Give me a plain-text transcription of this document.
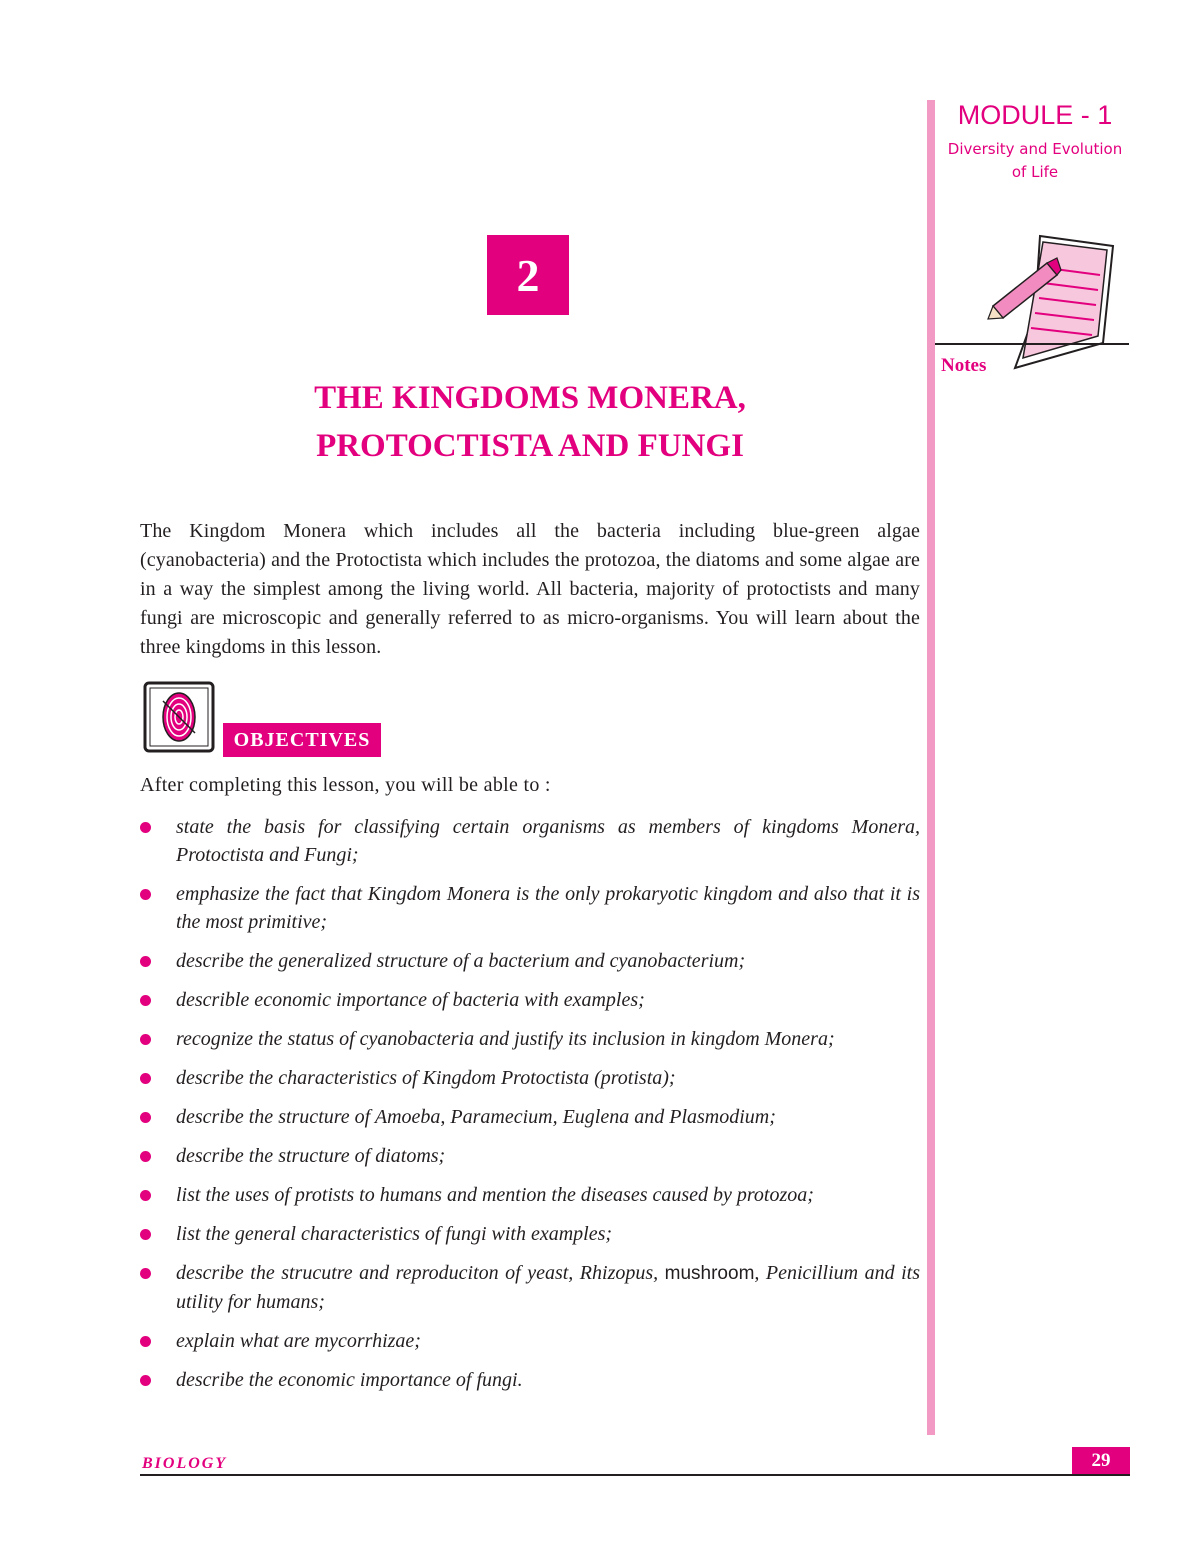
MODULE - 1
Diversity and Evolution
of Life
Notes
2
THE KINGDOMS MONERA,
PROTOCTISTA AND FUNGI

The Kingdom Monera which includes all the bacteria including blue-green algae (cyanobacteria) and the Protoctista which includes the protozoa, the diatoms and some algae are in a way the simplest among the living world. All bacteria, majority of protoctists and many fungi are microscopic and generally referred to as micro-organisms. You will learn about the three kingdoms in this lesson.

OBJECTIVES
After completing this lesson, you will be able to :
state the basis for classifying certain organisms as members of kingdoms Monera, Protoctista and Fungi;
emphasize the fact that Kingdom Monera is the only prokaryotic kingdom and also that it is the most primitive;
describe the generalized structure of a bacterium and cyanobacterium;
describle economic importance of bacteria with examples;
recognize the status of cyanobacteria and justify its inclusion in kingdom Monera;
describe the characteristics of Kingdom Protoctista (protista);
describe the structure of Amoeba, Paramecium, Euglena and Plasmodium;
describe the structure of diatoms;
list the uses of protists to humans and mention the diseases caused by protozoa;
list the general characteristics of fungi with examples;
describe the strucutre and reproduciton of yeast, Rhizopus, mushroom, Penicillium and its utility for humans;
explain what are mycorrhizae;
describe the economic importance of fungi.
BIOLOGY	29
